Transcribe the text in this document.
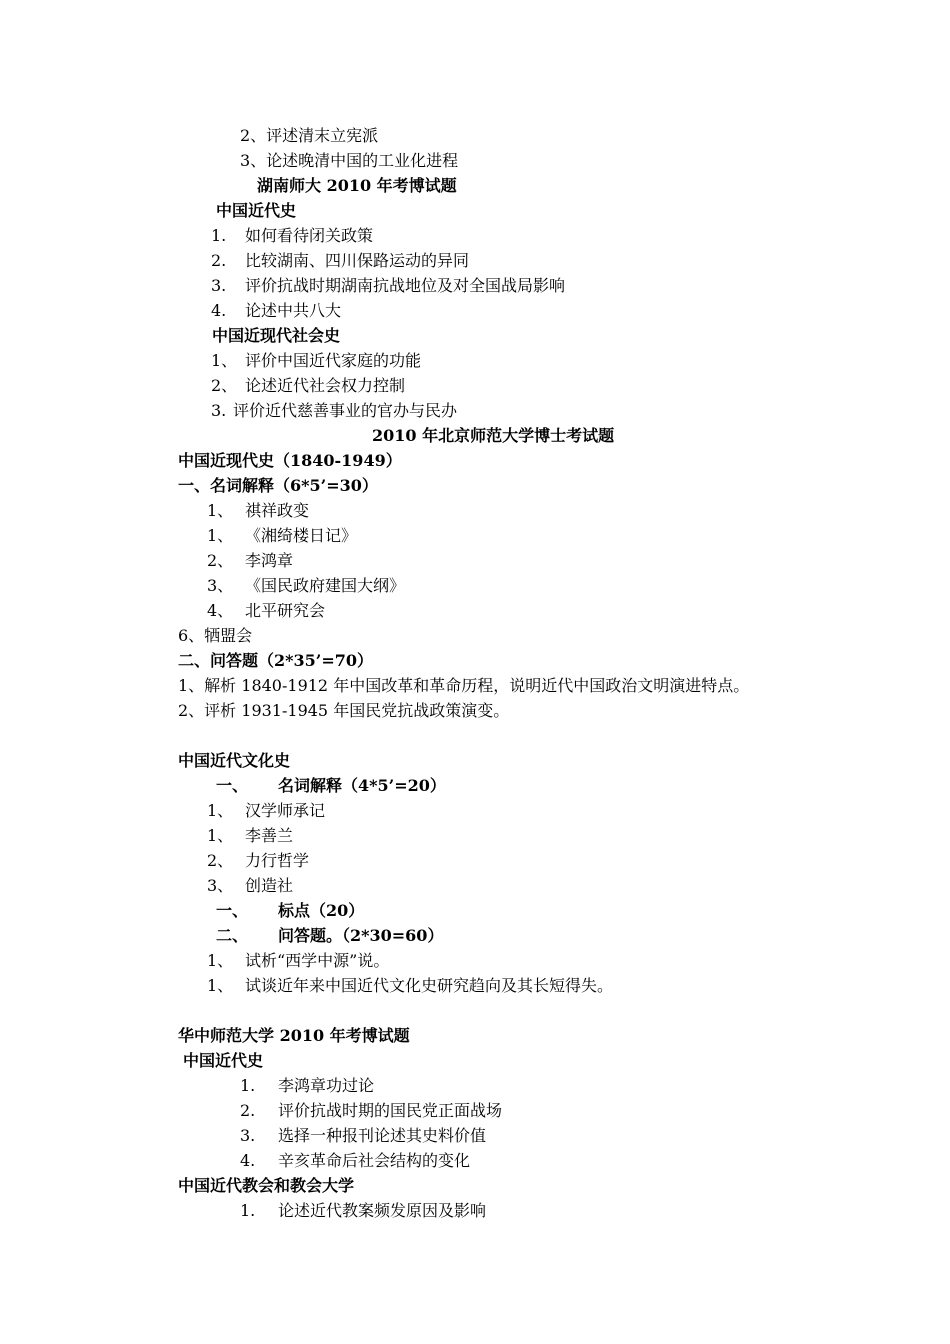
2、评述清末立宪派
3、论述晚清中国的工业化进程
湖南师大 2010 年考博试题
中国近代史
1. 如何看待闭关政策
2. 比较湖南、四川保路运动的异同
3. 评价抗战时期湖南抗战地位及对全国战局影响
4. 论述中共八大
中国近现代社会史
1、 评价中国近代家庭的功能
2、 论述近代社会权力控制
3. 评价近代慈善事业的官办与民办
2010 年北京师范大学博士考试题
中国近现代史（1840-1949）
一、名词解释（6*5’=30）
1、 祺祥政变
1、 《湘绮楼日记》
2、 李鸿章
3、 《国民政府建国大纲》
4、 北平研究会
6、牺盟会
二、问答题（2*35’=70）
1、解析 1840-1912 年中国改革和革命历程，说明近代中国政治文明演进特点。
2、评析 1931-1945 年国民党抗战政策演变。
中国近代文化史
一、 名词解释（4*5’=20）
1、 汉学师承记
1、 李善兰
2、 力行哲学
3、 创造社
一、 标点（20）
二、 问答题。（2*30=60）
1、 试析“西学中源”说。
1、 试谈近年来中国近代文化史研究趋向及其长短得失。
华中师范大学 2010 年考博试题
中国近代史
1. 李鸿章功过论
2. 评价抗战时期的国民党正面战场
3. 选择一种报刊论述其史料价值
4. 辛亥革命后社会结构的变化
中国近代教会和教会大学
1. 论述近代教案频发原因及影响
